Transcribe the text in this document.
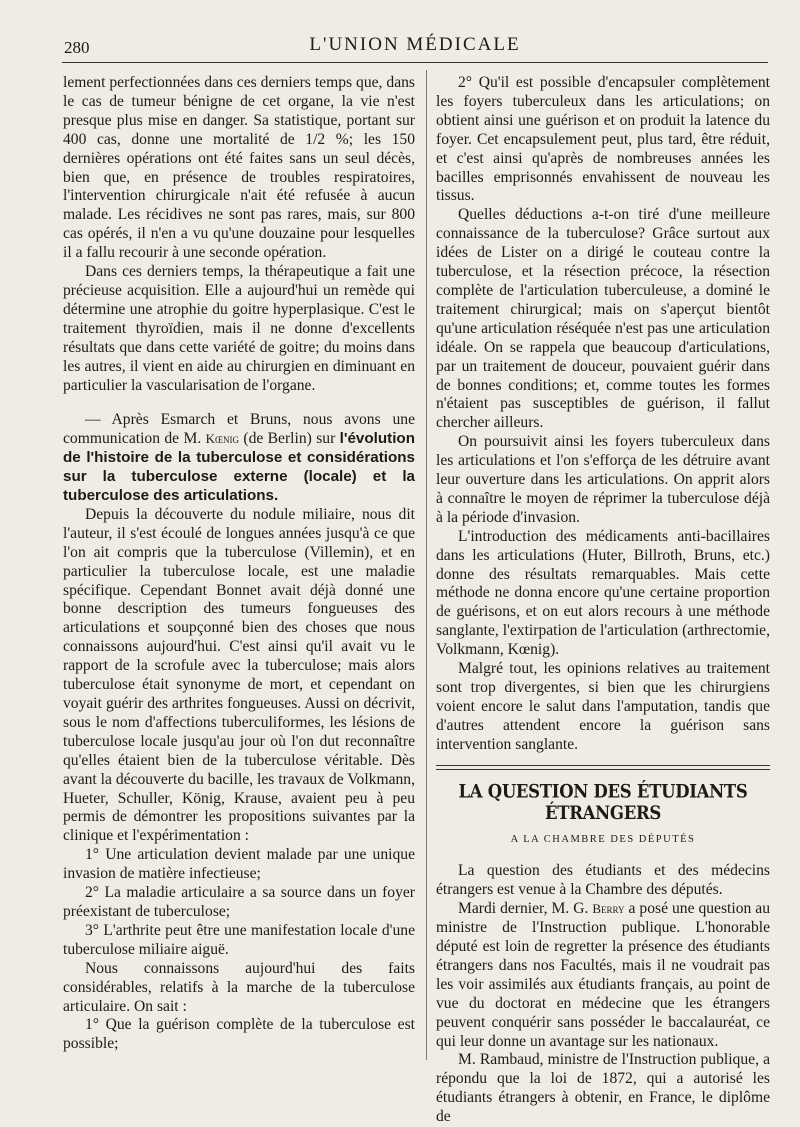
280	L'UNION MÉDICALE

lement perfectionnées dans ces derniers temps que, dans le cas de tumeur bénigne de cet organe, la vie n'est presque plus mise en danger. Sa statistique, portant sur 400 cas, donne une mortalité de 1/2 %; les 150 dernières opérations ont été faites sans un seul décès, bien que, en présence de troubles respiratoires, l'intervention chirurgicale n'ait été refusée à aucun malade. Les récidives ne sont pas rares, mais, sur 800 cas opérés, il n'en a vu qu'une douzaine pour lesquelles il a fallu recourir à une seconde opération.

Dans ces derniers temps, la thérapeutique a fait une précieuse acquisition. Elle a aujourd'hui un remède qui détermine une atrophie du goitre hyperplasique. C'est le traitement thyroïdien, mais il ne donne d'excellents résultats que dans cette variété de goitre; du moins dans les autres, il vient en aide au chirurgien en diminuant en particulier la vascularisation de l'organe.

— Après Esmarch et Bruns, nous avons une communication de M. Kœnig (de Berlin) sur l'évolution de l'histoire de la tuberculose et considérations sur la tuberculose externe (locale) et la tuberculose des articulations.

Depuis la découverte du nodule miliaire, nous dit l'auteur, il s'est écoulé de longues années jusqu'à ce que l'on ait compris que la tuberculose (Villemin), et en particulier la tuberculose locale, est une maladie spécifique. Cependant Bonnet avait déjà donné une bonne description des tumeurs fongueuses des articulations et soupçonné bien des choses que nous connaissons aujourd'hui. C'est ainsi qu'il avait vu le rapport de la scrofule avec la tuberculose; mais alors tuberculose était synonyme de mort, et cependant on voyait guérir des arthrites fongueuses. Aussi on décrivit, sous le nom d'affections tuberculiformes, les lésions de tuberculose locale jusqu'au jour où l'on dut reconnaître qu'elles étaient bien de la tuberculose véritable. Dès avant la découverte du bacille, les travaux de Volkmann, Hueter, Schuller, König, Krause, avaient peu à peu permis de démontrer les propositions suivantes par la clinique et l'expérimentation :

1° Une articulation devient malade par une unique invasion de matière infectieuse;

2° La maladie articulaire a sa source dans un foyer préexistant de tuberculose;

3° L'arthrite peut être une manifestation locale d'une tuberculose miliaire aiguë.

Nous connaissons aujourd'hui des faits considérables, relatifs à la marche de la tuberculose articulaire. On sait :

1° Que la guérison complète de la tuberculose est possible;

2° Qu'il est possible d'encapsuler complètement les foyers tuberculeux dans les articulations; on obtient ainsi une guérison et on produit la latence du foyer. Cet encapsulement peut, plus tard, être réduit, et c'est ainsi qu'après de nombreuses années les bacilles emprisonnés envahissent de nouveau les tissus.

Quelles déductions a-t-on tiré d'une meilleure connaissance de la tuberculose? Grâce surtout aux idées de Lister on a dirigé le couteau contre la tuberculose, et la résection précoce, la résection complète de l'articulation tuberculeuse, a dominé le traitement chirurgical; mais on s'aperçut bientôt qu'une articulation réséquée n'est pas une articulation idéale. On se rappela que beaucoup d'articulations, par un traitement de douceur, pouvaient guérir dans de bonnes conditions; et, comme toutes les formes n'étaient pas susceptibles de guérison, il fallut chercher ailleurs.

On poursuivit ainsi les foyers tuberculeux dans les articulations et l'on s'efforça de les détruire avant leur ouverture dans les articulations. On apprit alors à connaître le moyen de réprimer la tuberculose déjà à la période d'invasion.

L'introduction des médicaments anti-bacillaires dans les articulations (Huter, Billroth, Bruns, etc.) donne des résultats remarquables. Mais cette méthode ne donna encore qu'une certaine proportion de guérisons, et on eut alors recours à une méthode sanglante, l'extirpation de l'articulation (arthrectomie, Volkmann, Kœnig).

Malgré tout, les opinions relatives au traitement sont trop divergentes, si bien que les chirurgiens voient encore le salut dans l'amputation, tandis que d'autres attendent encore la guérison sans intervention sanglante.

LA QUESTION DES ÉTUDIANTS ÉTRANGERS
A LA CHAMBRE DES DÉPUTÉS

La question des étudiants et des médecins étrangers est venue à la Chambre des députés.

Mardi dernier, M. G. Berry a posé une question au ministre de l'Instruction publique. L'honorable député est loin de regretter la présence des étudiants étrangers dans nos Facultés, mais il ne voudrait pas les voir assimilés aux étudiants français, au point de vue du doctorat en médecine que les étrangers peuvent conquérir sans posséder le baccalauréat, ce qui leur donne un avantage sur les nationaux.

M. Rambaud, ministre de l'Instruction publique, a répondu que la loi de 1872, qui a autorisé les étudiants étrangers à obtenir, en France, le diplôme de
